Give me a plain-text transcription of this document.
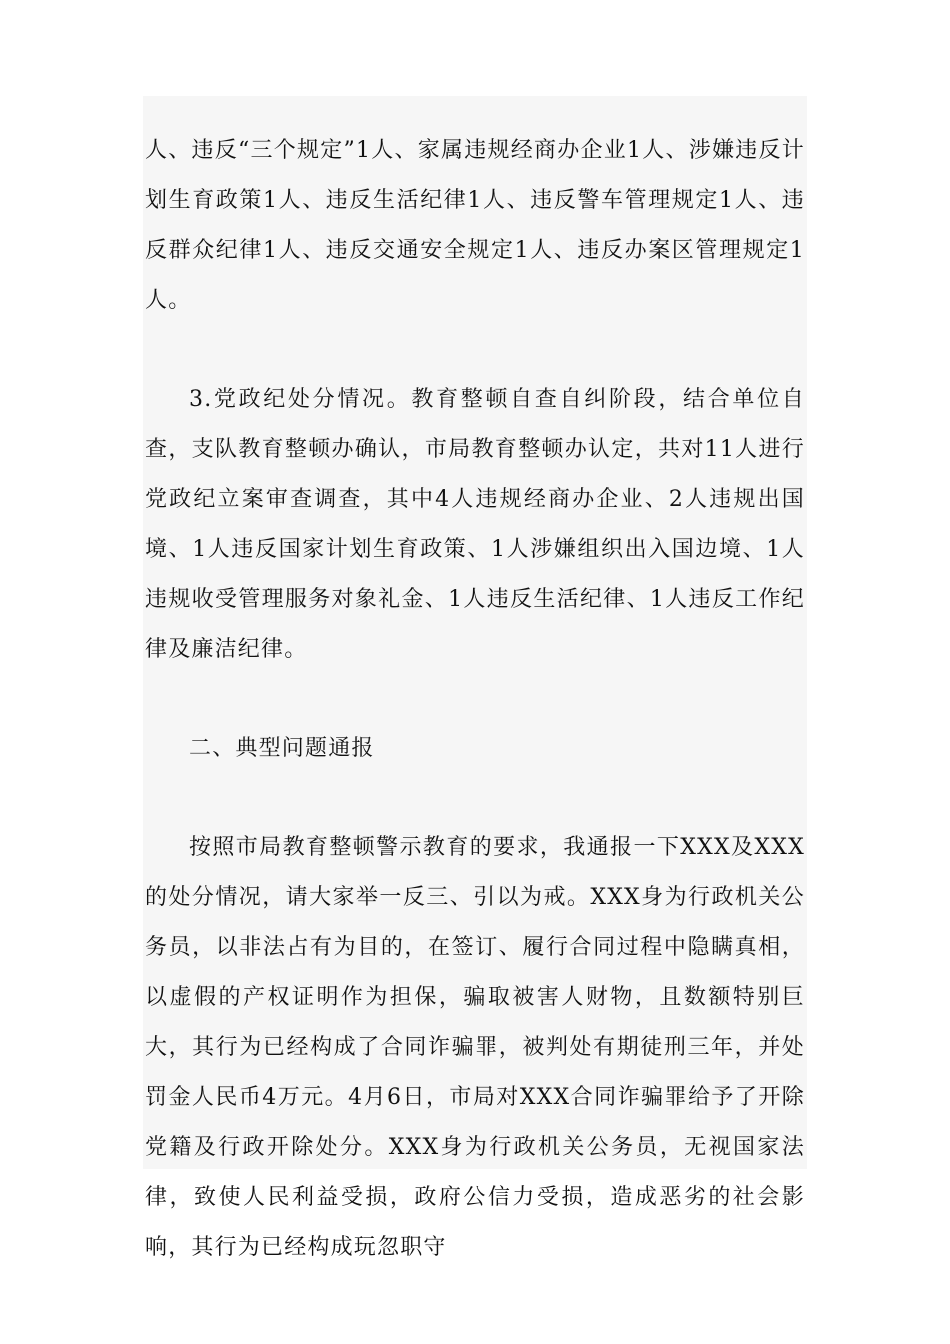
人、违反“三个规定”1人、家属违规经商办企业1人、涉嫌违反计划生育政策1人、违反生活纪律1人、违反警车管理规定1人、违反群众纪律1人、违反交通安全规定1人、违反办案区管理规定1人。

3.党政纪处分情况。教育整顿自查自纠阶段，结合单位自查，支队教育整顿办确认，市局教育整顿办认定，共对11人进行党政纪立案审查调查，其中4人违规经商办企业、2人违规出国境、1人违反国家计划生育政策、1人涉嫌组织出入国边境、1人违规收受管理服务对象礼金、1人违反生活纪律、1人违反工作纪律及廉洁纪律。

二、典型问题通报

按照市局教育整顿警示教育的要求，我通报一下XXX及XXX的处分情况，请大家举一反三、引以为戒。XXX身为行政机关公务员，以非法占有为目的，在签订、履行合同过程中隐瞒真相，以虚假的产权证明作为担保，骗取被害人财物，且数额特别巨大，其行为已经构成了合同诈骗罪，被判处有期徒刑三年，并处罚金人民币4万元。4月6日，市局对XXX合同诈骗罪给予了开除党籍及行政开除处分。XXX身为行政机关公务员，无视国家法律，致使人民利益受损，政府公信力受损，造成恶劣的社会影响，其行为已经构成玩忽职守
